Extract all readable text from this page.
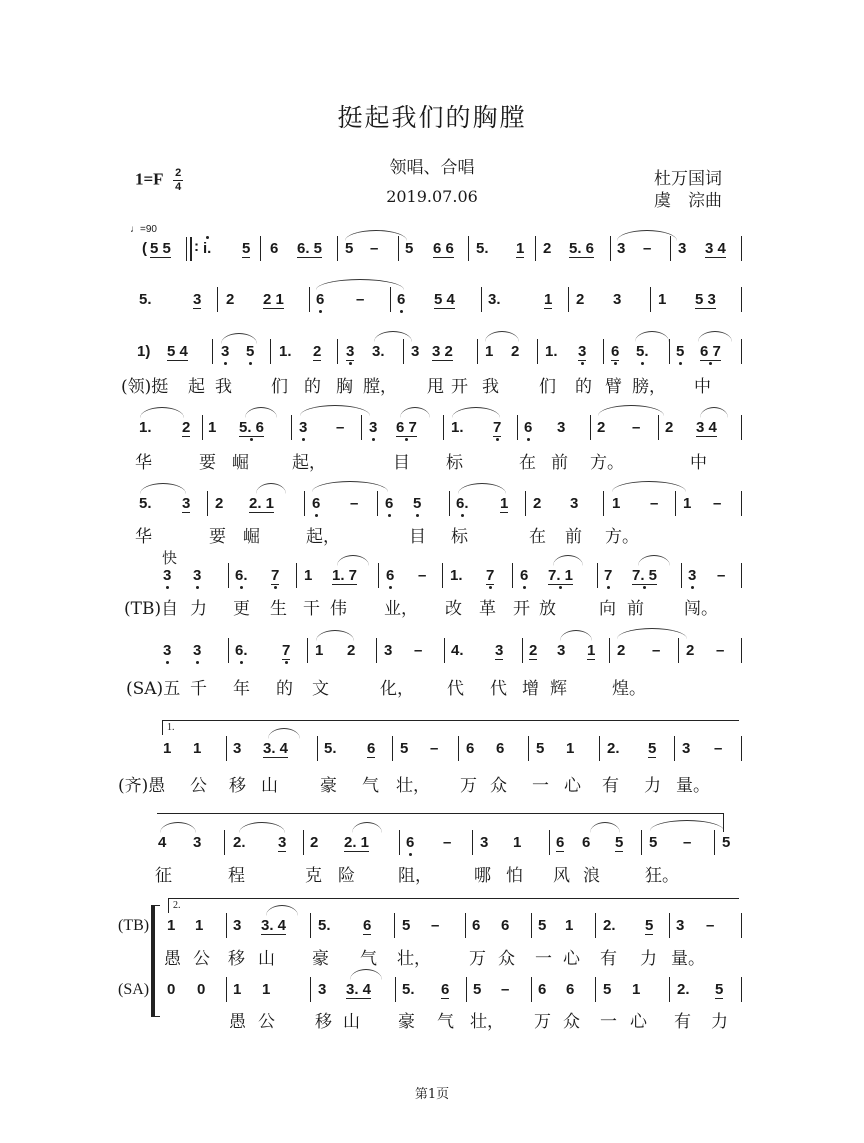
挺起我们的胸膛
领唱、合唱
2019.07.06
$1=F \frac{2}{4}$	杜万国词
虞　淙曲
♩=90
( 5 5 : i. 5 6 6. 5 5 – 5 6 6 5. 1 2 5. 6 3 – 3 3 4
5.	3 2 2 1 6 – 6 5 4 3.	1 2 3 1 5 3
1) 5 4 3 5 1. 2 3 3. 3 3 2 1 2 1. 3 6 5. 5 6 7
(领)挺 起 我 们 的 胸 膛， 甩 开 我 们 的 臂 膀， 中
1. 2 1 5. 6 3 – 3 6 7 1. 7 6 3 2 – 2 3 4
华	要 崛	起，	目 标	在 前 方。	中
5. 3 2 2. 1	6 – 6 5 6. 1 2 3 1 – 1 –
华	要 崛	起，	目 标	在 前 方。
快
3 3 6. 7 1 1. 7 6 – 1. 7 6 7. 1 7 7. 5 3 –
(TB)自 力 更 生 干 伟 业， 改 革 开 放	向 前 闯。
3 3 6. 7 1 2 3 – 4. 3 2 3 1 2 – 2 –
(SA)五 千 年 的 文	化， 代 代 增 辉	煌。
1.
1 1 3 3. 4 5. 6 5 – 6 6 5 1 2. 5 3 –
(齐)愚 公 移 山 豪 气 壮， 万 众 一 心 有 力 量。
4 3 2. 3 2 2. 1 6 – 3 1 6 6 5 5 – 5
征	程	克 险	阻， 哪 怕 风 浪	狂。
2.
(TB)
(SA)
1 1 3 3. 4 5. 6 5 – 6 6 5 1 2. 5 3 –
愚 公 移 山 豪 气 壮， 万 众 一 心 有 力 量。
0 0 1 1	3 3. 4 5. 6 5 – 6 6 5 1 2. 5
愚 公 移 山 豪 气 壮， 万 众 一 心 有 力
第1页
